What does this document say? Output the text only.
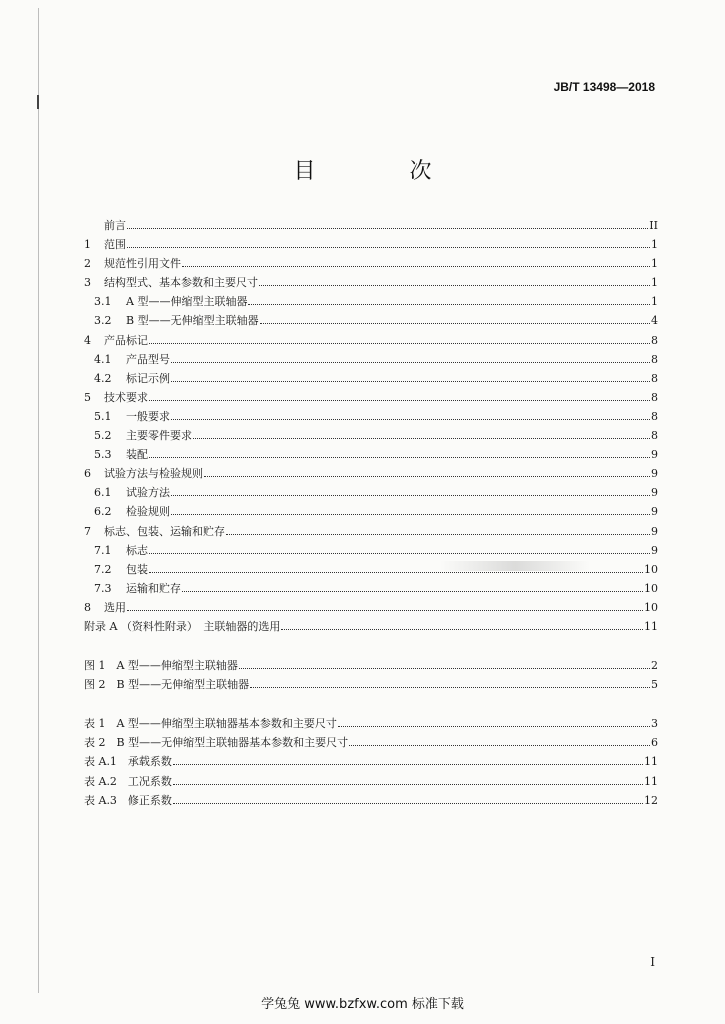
JB/T 13498—2018
目　次
前言	II
1	范围	1
2	规范性引用文件	1
3	结构型式、基本参数和主要尺寸	1
3.1	A 型——伸缩型主联轴器	1
3.2	B 型——无伸缩型主联轴器	4
4	产品标记	8
4.1	产品型号	8
4.2	标记示例	8
5	技术要求	8
5.1	一般要求	8
5.2	主要零件要求	8
5.3	装配	9
6	试验方法与检验规则	9
6.1	试验方法	9
6.2	检验规则	9
7	标志、包装、运输和贮存	9
7.1	标志	9
7.2	包装	10
7.3	运输和贮存	10
8	选用	10
附录 A （资料性附录）　主联轴器的选用	11
图 1　A 型——伸缩型主联轴器	2
图 2　B 型——无伸缩型主联轴器	5
表 1　A 型——伸缩型主联轴器基本参数和主要尺寸	3
表 2　B 型——无伸缩型主联轴器基本参数和主要尺寸	6
表 A.1　承载系数	11
表 A.2　工况系数	11
表 A.3　修正系数	12
I
学兔兔 www.bzfxw.com 标准下载
